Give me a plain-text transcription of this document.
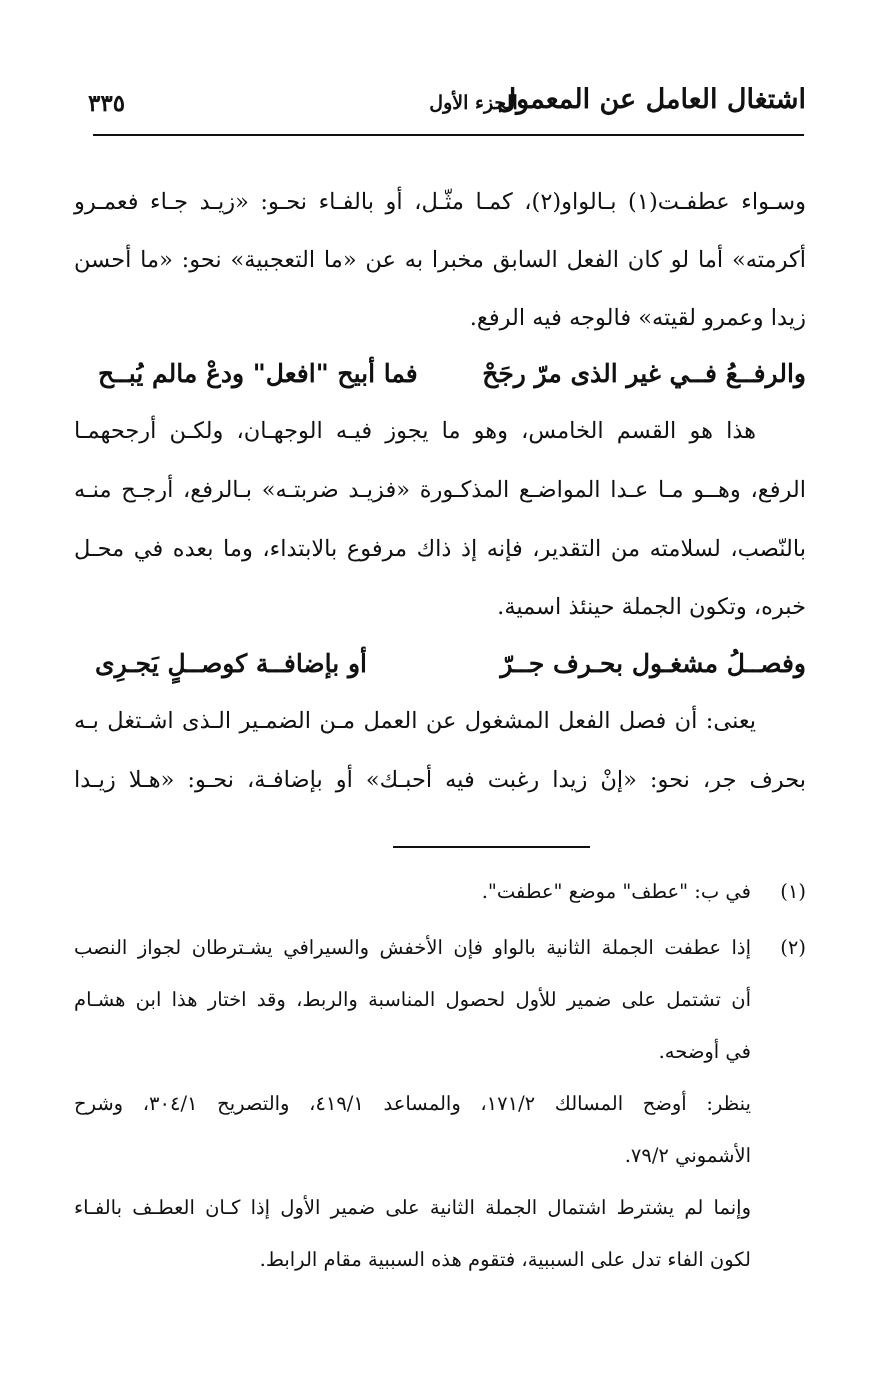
اشتغال العامل عن المعمول
الجزء الأول
٣٣٥
وسـواء عطفـت(١) بـالواو(٢)، كمـا مثّـل، أو بالفـاء نحـو: «زيـد جـاء فعمـرو
أكرمته» أما لو كان الفعل السابق مخبرا به عن «ما التعجبية» نحو: «ما أحسن
زيدا وعمرو لقيته» فالوجه فيه الرفع.
والرفــعُ فــي غير الذى مرّ رجَحْ
فما أبيح "افعل" ودعْ مالم يُبــح
هذا هو القسم الخامس، وهو ما يجوز فيـه الوجهـان، ولكـن أرجحهمـا
الرفع، وهــو مـا عـدا المواضـع المذكـورة «فزيـد ضربتـه» بـالرفع، أرجـح منـه
بالنّصب، لسلامته من التقدير، فإنه إذ ذاك مرفوع بالابتداء، وما بعده في محـل
خبره، وتكون الجملة حينئذ اسمية.
وفصــلُ مشغـول بحـرف جــرّ
أو بإضافــة كوصــلٍ يَجـرِى
يعنى: أن فصل الفعل المشغول عن العمل مـن الضمـير الـذى اشـتغل بـه
بحرف جر، نحو: «إنْ زيدا رغبت فيه أحبـك» أو بإضافـة، نحـو: «هـلا زيـدا
(١)
في ب: "عطف" موضع "عطفت".
(٢)
إذا عطفت الجملة الثانية بالواو فإن الأخفش والسيرافي يشـترطان لجواز النصب
أن تشتمل على ضمير للأول لحصول المناسبة والربط، وقد اختار هذا ابن هشـام
في أوضحه.
ينظر: أوضح المسالك ١٧١/٢، والمساعد ٤١٩/١، والتصريح ٣٠٤/١، وشرح
الأشموني ٧٩/٢.
وإنما لم يشترط اشتمال الجملة الثانية على ضمير الأول إذا كـان العطـف بالفـاء
لكون الفاء تدل على السببية، فتقوم هذه السببية مقام الرابط.
